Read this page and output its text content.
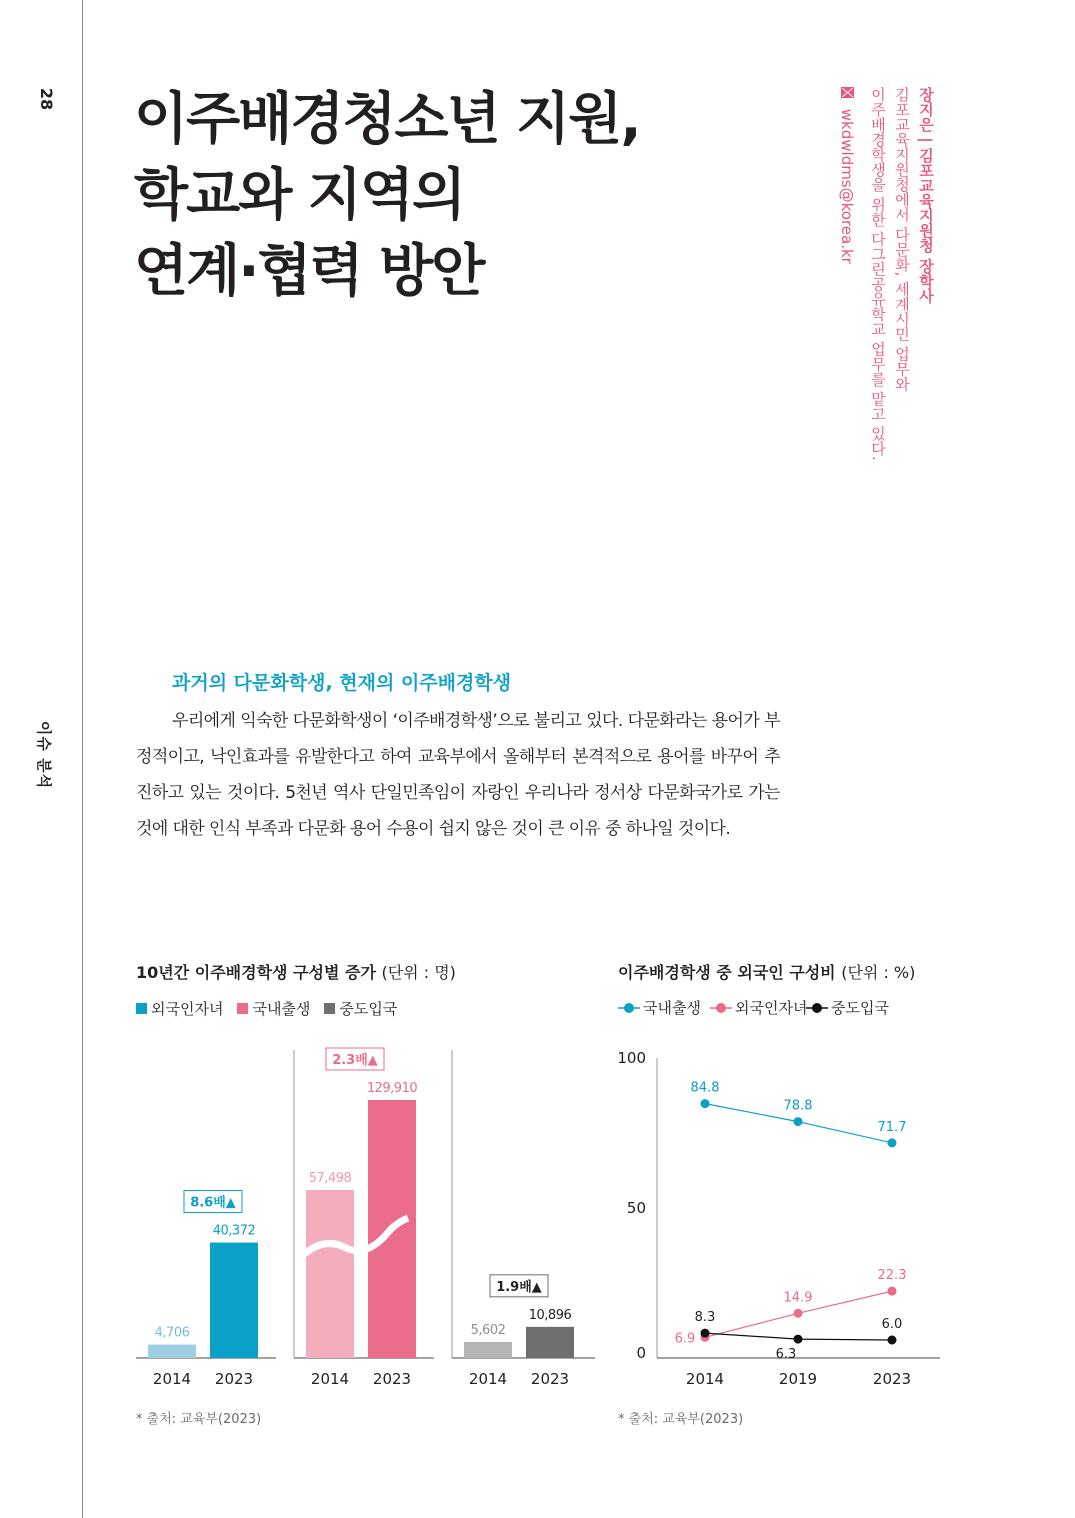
28
이슈 분석
이주배경청소년 지원,
학교와 지역의
연계·협력 방안	장지은 | 김포교육지원청 장학사
김포교육지원청에서 다문화, 세계시민 업무와
이주배경학생을 위한 다그린공유학교 업무를 맡고 있다.
wkdwldms@korea.kr
과거의 다문화학생, 현재의 이주배경학생
우리에게 익숙한 다문화학생이 ‘이주배경학생’으로 불리고 있다. 다문화라는 용어가 부정적이고, 낙인효과를 유발한다고 하여 교육부에서 올해부터 본격적으로 용어를 바꾸어 추진하고 있는 것이다. 5천년 역사 단일민족임이 자랑인 우리나라 정서상 다문화국가로 가는 것에 대한 인식 부족과 다문화 용어 수용이 쉽지 않은 것이 큰 이유 중 하나일 것이다.
10년간 이주배경학생 구성별 증가 (단위 : 명)
외국인자녀 국내출생 중도입국
4,706
2014
40,372
2023
8.6배▲
57,498
2014
129,910
2023
2.3배▲
5,602
2014
10,896
2023
1.9배▲
* 출처: 교육부(2023)
이주배경학생 중 외국인 구성비 (단위 : %)
국내출생 외국인자녀 중도입국
0
50
100
2014	2019	2023
84.8
78.8
71.7
6.9
14.9
22.3
8.3
6.3
6.0
* 출처: 교육부(2023)
